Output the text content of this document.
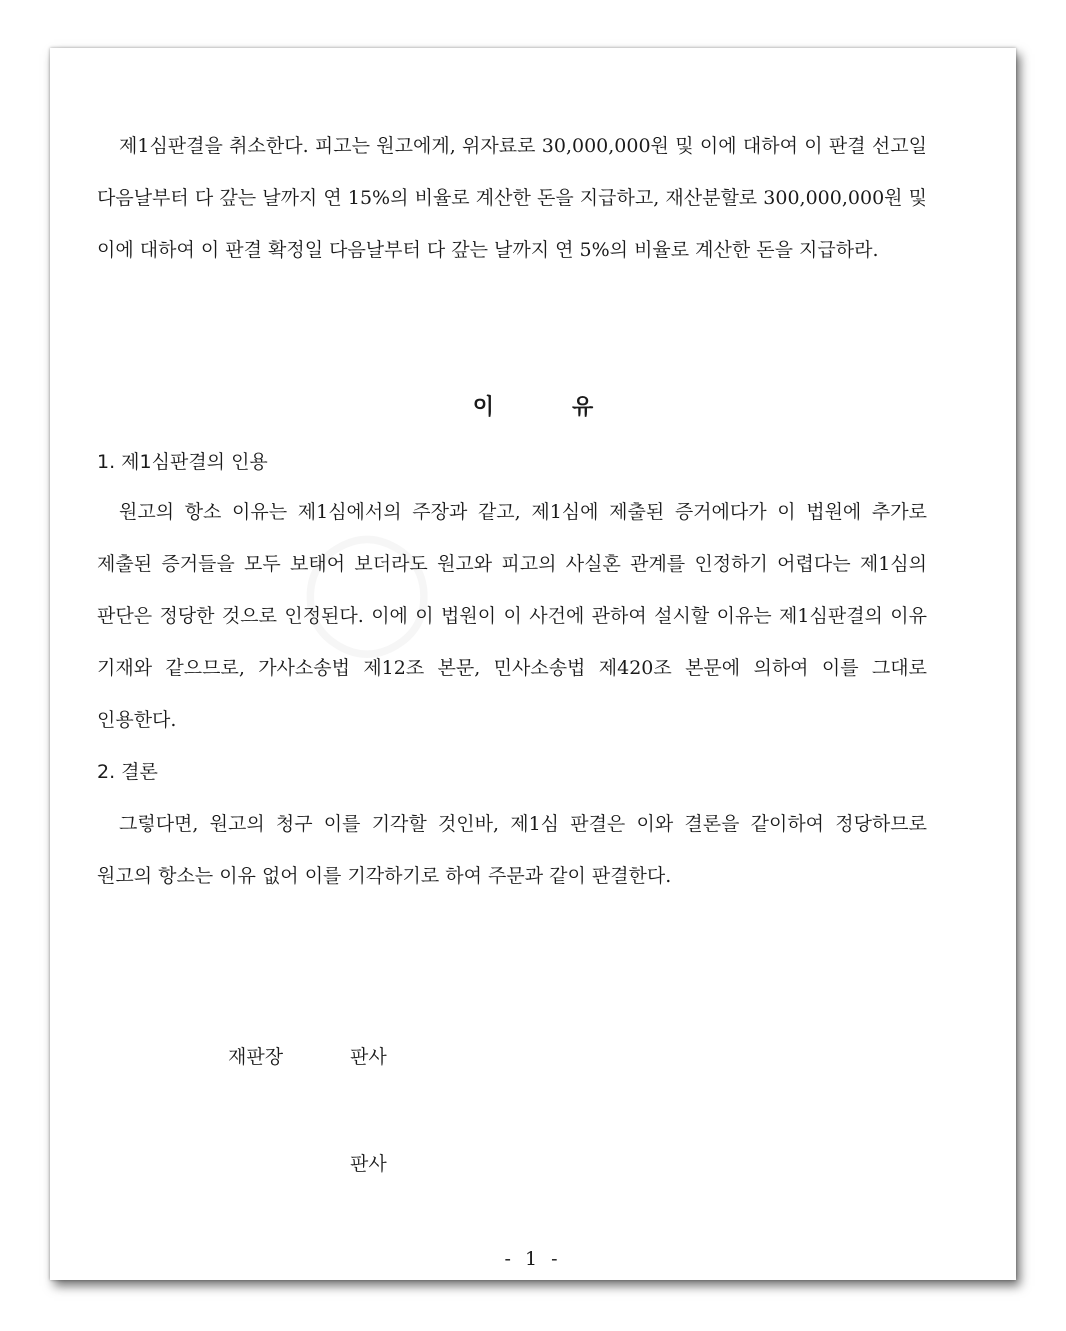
제1심판결을 취소한다. 피고는 원고에게, 위자료로 30,000,000원 및 이에 대하여 이 판결 선고일 다음날부터 다 갚는 날까지 연 15%의 비율로 계산한 돈을 지급하고, 재산분할로 300,000,000원 및 이에 대하여 이 판결 확정일 다음날부터 다 갚는 날까지 연 5%의 비율로 계산한 돈을 지급하라.

이	유

1. 제1심판결의 인용

원고의 항소 이유는 제1심에서의 주장과 같고, 제1심에 제출된 증거에다가 이 법원에 추가로 제출된 증거들을 모두 보태어 보더라도 원고와 피고의 사실혼 관계를 인정하기 어렵다는 제1심의 판단은 정당한 것으로 인정된다. 이에 이 법원이 이 사건에 관하여 설시할 이유는 제1심판결의 이유 기재와 같으므로, 가사소송법 제12조 본문, 민사소송법 제420조 본문에 의하여 이를 그대로 인용한다.

2. 결론

그렇다면, 원고의 청구 이를 기각할 것인바, 제1심 판결은 이와 결론을 같이하여 정당하므로 원고의 항소는 이유 없어 이를 기각하기로 하여 주문과 같이 판결한다.

재판장	판사
판사
- 1 -
